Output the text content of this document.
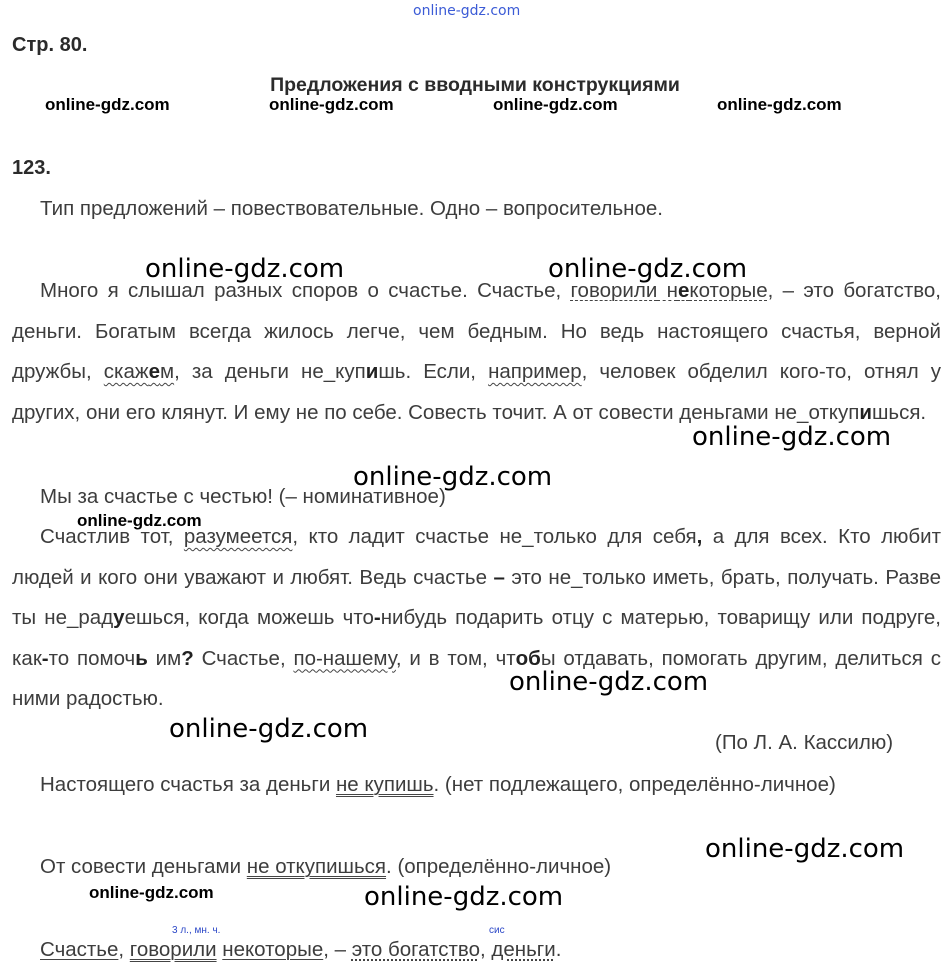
online-gdz.com
Стр. 80.
Предложения с вводными конструкциями
online-gdz.com	online-gdz.com	online-gdz.com	online-gdz.com
123.
Тип предложений – повествовательные. Одно – вопросительное.
Много я слышал разных споров о счастье. Счастье, говорили некоторые, – это богатство, деньги. Богатым всегда жилось легче, чем бедным. Но ведь настоящего счастья, верной дружбы, скажем, за деньги не_купишь. Если, например, человек обделил кого-то, отнял у других, они его клянут. И ему не по себе. Совесть точит. А от совести деньгами не_откупишься.
Мы за счастье с честью! (– номинативное)
Счастлив тот, разумеется, кто ладит счастье не_только для себя, а для всех. Кто любит людей и кого они уважают и любят. Ведь счастье – это не_только иметь, брать, получать. Разве ты не_радуешься, когда можешь что-нибудь подарить отцу с матерью, товарищу или подруге, как-то помочь им? Счастье, по-нашему, и в том, чтобы отдавать, помогать другим, делиться с ними радостью.
(По Л. А. Кассилю)
Настоящего счастья за деньги не купишь. (нет подлежащего, определённо-личное)
От совести деньгами не откупишься. (определённо-личное)
3 л., мн. ч.	сис
Счастье, говорили некоторые, – это богатство, деньги.
online-gdz.com	online-gdz.com
online-gdz.com
online-gdz.com
online-gdz.com
online-gdz.com
online-gdz.com
online-gdz.com
online-gdz.com	online-gdz.com
